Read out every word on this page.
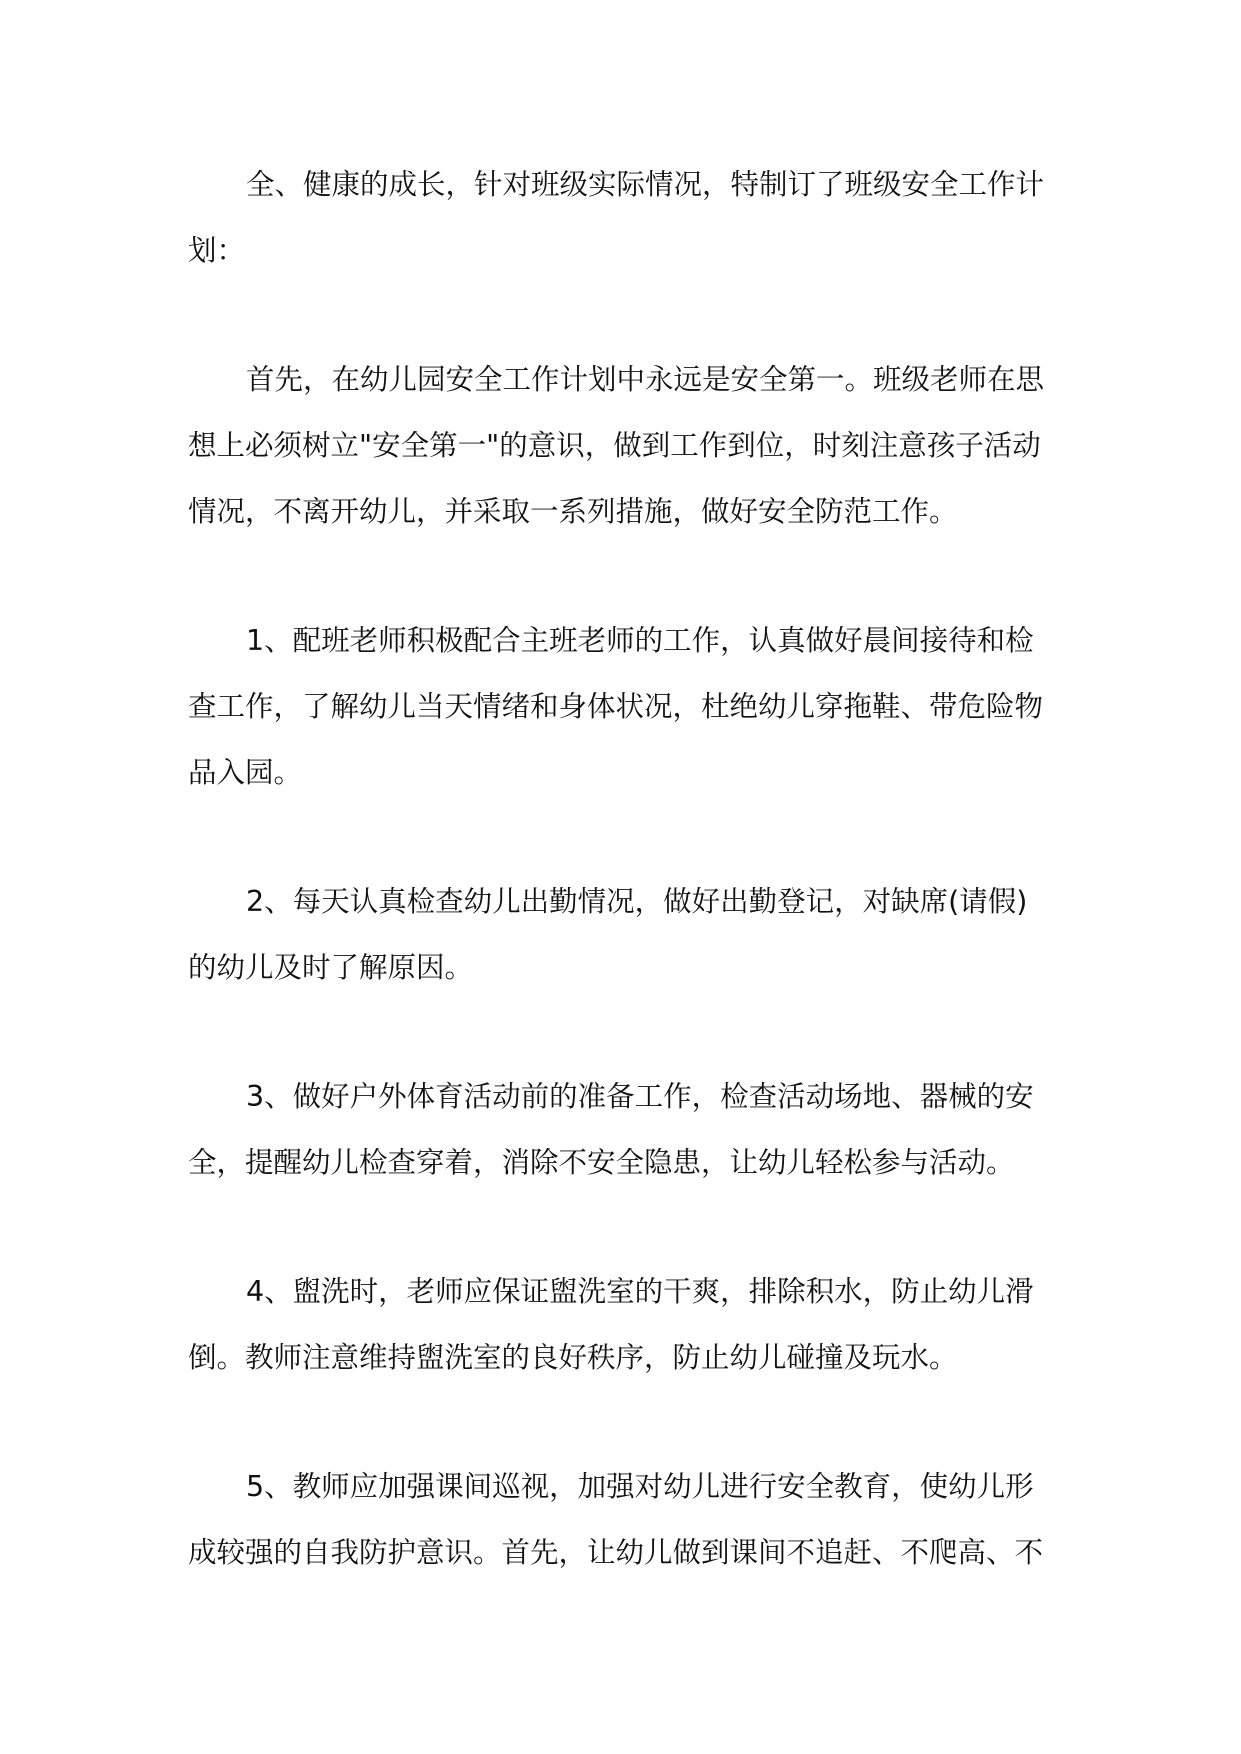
全、健康的成长，针对班级实际情况，特制订了班级安全工作计
划：
首先，在幼儿园安全工作计划中永远是安全第一。班级老师在思
想上必须树立"安全第一"的意识，做到工作到位，时刻注意孩子活动
情况，不离开幼儿，并采取一系列措施，做好安全防范工作。
1、配班老师积极配合主班老师的工作，认真做好晨间接待和检
查工作，了解幼儿当天情绪和身体状况，杜绝幼儿穿拖鞋、带危险物
品入园。
2、每天认真检查幼儿出勤情况，做好出勤登记，对缺席(请假)
的幼儿及时了解原因。
3、做好户外体育活动前的准备工作，检查活动场地、器械的安
全，提醒幼儿检查穿着，消除不安全隐患，让幼儿轻松参与活动。
4、盥洗时，老师应保证盥洗室的干爽，排除积水，防止幼儿滑
倒。教师注意维持盥洗室的良好秩序，防止幼儿碰撞及玩水。
5、教师应加强课间巡视，加强对幼儿进行安全教育，使幼儿形
成较强的自我防护意识。首先，让幼儿做到课间不追赶、不爬高、不
